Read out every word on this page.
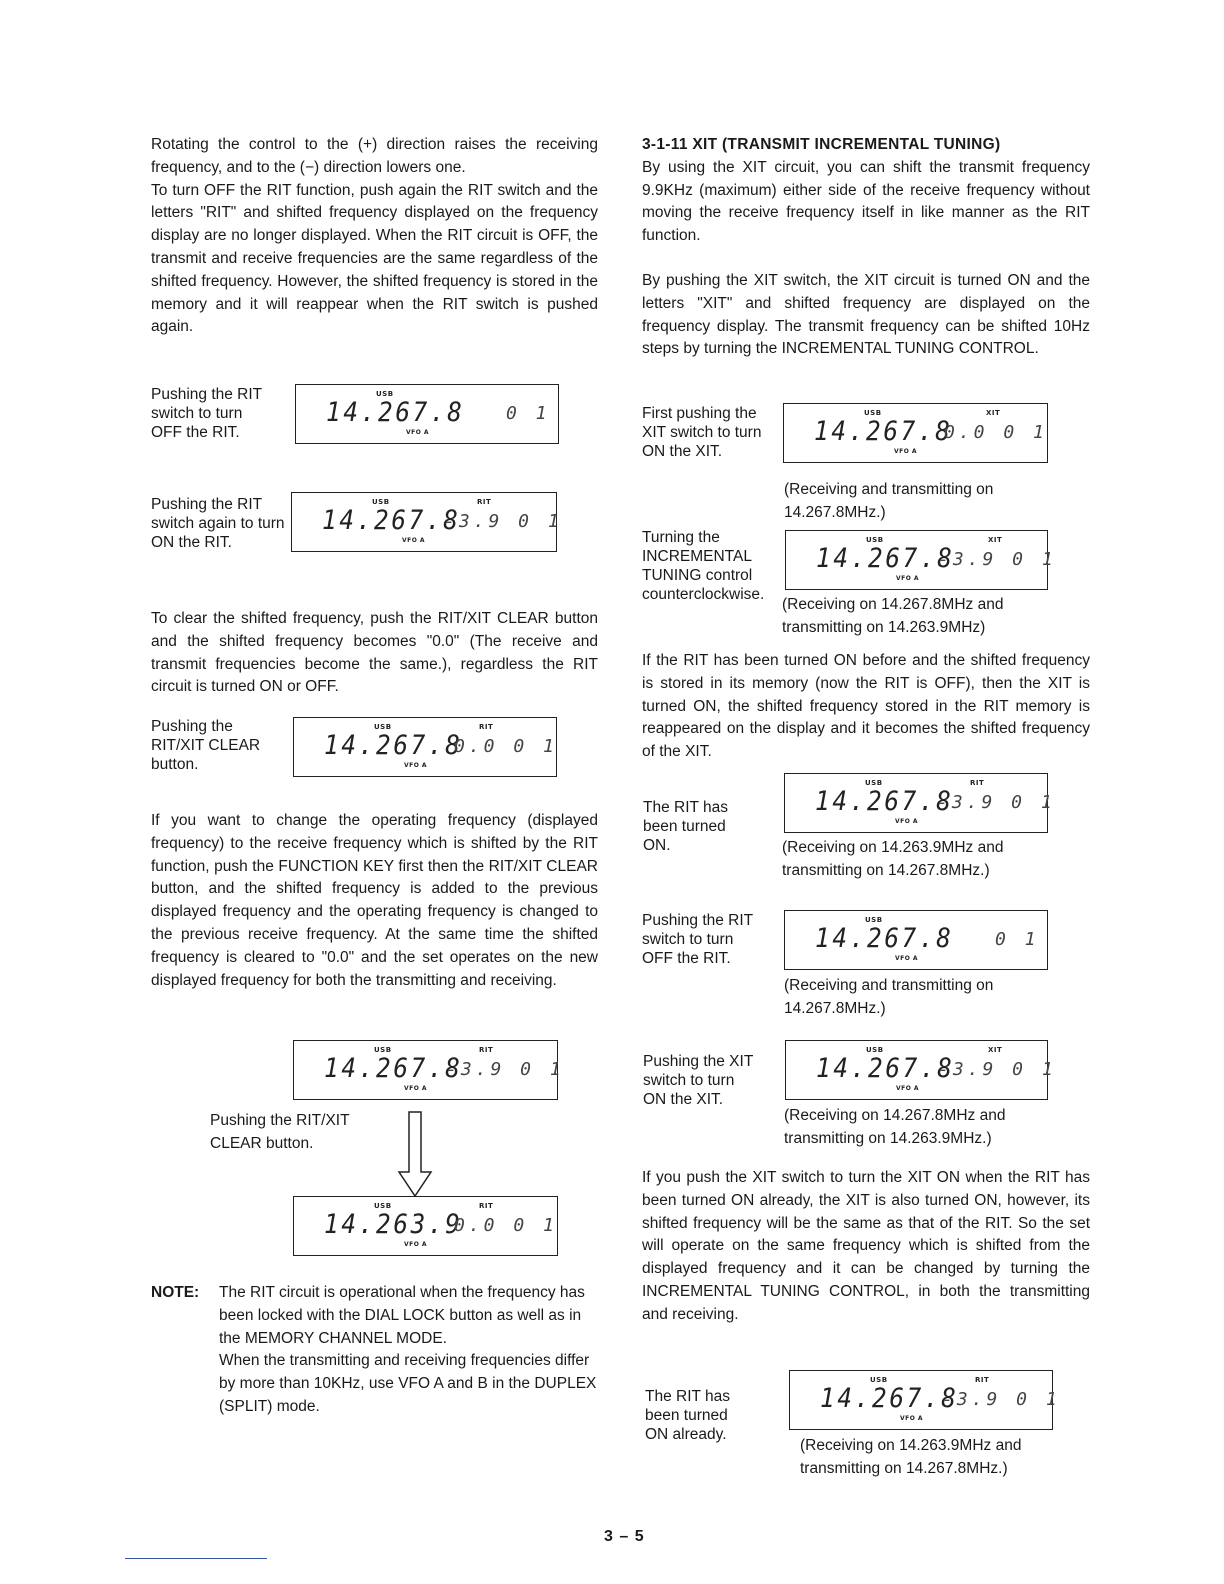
Rotating the control to the (+) direction raises the receiving frequency, and to the (−) direction lowers one.

To turn OFF the RIT function, push again the RIT switch and the letters "RIT" and shifted frequency displayed on the frequency display are no longer displayed. When the RIT circuit is OFF, the transmit and receive frequencies are the same regardless of the shifted frequency. However, the shifted frequency is stored in the memory and it will reappear when the RIT switch is pushed again.

Pushing the RIT switch to turn OFF the RIT.
USB
14.267.8 0 1
VFO A
Pushing the RIT switch again to turn ON the RIT.
USB	RIT
14.267.8
-3.9 0 1
VFO A

To clear the shifted frequency, push the RIT/XIT CLEAR button and the shifted frequency becomes "0.0" (The receive and transmit frequencies become the same.), regardless the RIT circuit is turned ON or OFF.

Pushing the RIT/XIT CLEAR button.
USB	RIT
14.267.8
0.0 0 1
VFO A

If you want to change the operating frequency (displayed frequency) to the receive frequency which is shifted by the RIT function, push the FUNCTION KEY first then the RIT/XIT CLEAR button, and the shifted frequency is added to the previous displayed frequency and the operating frequency is changed to the previous receive frequency. At the same time the shifted frequency is cleared to "0.0" and the set operates on the new displayed frequency for both the transmitting and receiving.

USB	RIT
14.267.8
-3.9 0 1
VFO A
Pushing the RIT/XIT CLEAR button.
USB	RIT
14.263.9
0.0 0 1
VFO A
NOTE: The RIT circuit is operational when the frequency has been locked with the DIAL LOCK button as well as in the MEMORY CHANNEL MODE.

When the transmitting and receiving frequencies differ by more than 10KHz, use VFO A and B in the DUPLEX (SPLIT) mode.

3-1-11 XIT (TRANSMIT INCREMENTAL TUNING)

By using the XIT circuit, you can shift the transmit frequency 9.9KHz (maximum) either side of the receive frequency without moving the receive frequency itself in like manner as the RIT function.

By pushing the XIT switch, the XIT circuit is turned ON and the letters "XIT" and shifted frequency are displayed on the frequency display. The transmit frequency can be shifted 10Hz steps by turning the INCREMENTAL TUNING CONTROL.

First pushing the XIT switch to turn ON the XIT.
USB	XIT
14.267.8
0.0 0 1
VFO A
(Receiving and transmitting on 14.267.8MHz.)
Turning the INCREMENTAL TUNING control counterclockwise.
USB	XIT
14.267.8
-3.9 0 1
VFO A
(Receiving on 14.267.8MHz and transmitting on 14.263.9MHz)

If the RIT has been turned ON before and the shifted frequency is stored in its memory (now the RIT is OFF), then the XIT is turned ON, the shifted frequency stored in the RIT memory is reappeared on the display and it becomes the shifted frequency of the XIT.

The RIT has been turned ON.
USB	RIT
14.267.8
-3.9 0 1
VFO A
(Receiving on 14.263.9MHz and transmitting on 14.267.8MHz.)
Pushing the RIT switch to turn OFF the RIT.
USB
14.267.8 0 1
VFO A
(Receiving and transmitting on 14.267.8MHz.)
Pushing the XIT switch to turn ON the XIT.
USB	XIT
14.267.8
-3.9 0 1
VFO A
(Receiving on 14.267.8MHz and transmitting on 14.263.9MHz.)

If you push the XIT switch to turn the XIT ON when the RIT has been turned ON already, the XIT is also turned ON, however, its shifted frequency will be the same as that of the RIT. So the set will operate on the same frequency which is shifted from the displayed frequency and it can be changed by turning the INCREMENTAL TUNING CONTROL, in both the transmitting and receiving.

The RIT has been turned ON already.
USB	RIT
14.267.8
-3.9 0 1
VFO A
(Receiving on 14.263.9MHz and transmitting on 14.267.8MHz.)
3 – 5
